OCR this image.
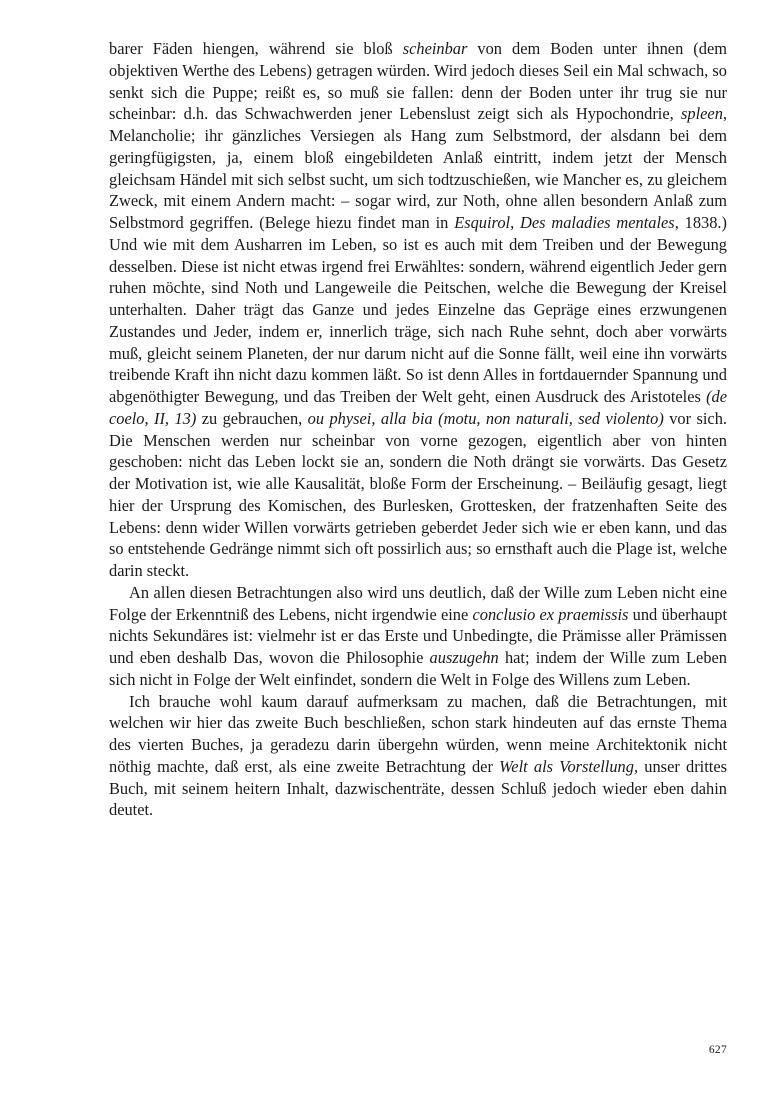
barer Fäden hiengen, während sie bloß scheinbar von dem Boden unter ihnen (dem objektiven Werthe des Lebens) getragen würden. Wird jedoch dieses Seil ein Mal schwach, so senkt sich die Puppe; reißt es, so muß sie fallen: denn der Boden unter ihr trug sie nur scheinbar: d.h. das Schwachwerden jener Lebenslust zeigt sich als Hypochondrie, spleen, Melancholie; ihr gänzliches Versiegen als Hang zum Selbstmord, der alsdann bei dem geringfügigsten, ja, einem bloß eingebildeten Anlaß eintritt, indem jetzt der Mensch gleichsam Händel mit sich selbst sucht, um sich todtzuschießen, wie Mancher es, zu gleichem Zweck, mit einem Andern macht: – sogar wird, zur Noth, ohne allen besondern Anlaß zum Selbstmord gegriffen. (Belege hiezu findet man in Esquirol, Des maladies mentales, 1838.) Und wie mit dem Ausharren im Leben, so ist es auch mit dem Treiben und der Bewegung desselben. Diese ist nicht etwas irgend frei Erwähltes: sondern, während eigentlich Jeder gern ruhen möchte, sind Noth und Langeweile die Peitschen, welche die Bewegung der Kreisel unterhalten. Daher trägt das Ganze und jedes Einzelne das Gepräge eines erzwungenen Zustandes und Jeder, indem er, innerlich träge, sich nach Ruhe sehnt, doch aber vorwärts muß, gleicht seinem Planeten, der nur darum nicht auf die Sonne fällt, weil eine ihn vorwärts treibende Kraft ihn nicht dazu kommen läßt. So ist denn Alles in fortdauernder Spannung und abgenöthigter Bewegung, und das Treiben der Welt geht, einen Ausdruck des Aristoteles (de coelo, II, 13) zu gebrauchen, ou physei, alla bia (motu, non naturali, sed violento) vor sich. Die Menschen werden nur scheinbar von vorne gezogen, eigentlich aber von hinten geschoben: nicht das Leben lockt sie an, sondern die Noth drängt sie vorwärts. Das Gesetz der Motivation ist, wie alle Kausalität, bloße Form der Erscheinung. – Beiläufig gesagt, liegt hier der Ursprung des Komischen, des Burlesken, Grottesken, der fratzenhaften Seite des Lebens: denn wider Willen vorwärts getrieben geberdet Jeder sich wie er eben kann, und das so entstehende Gedränge nimmt sich oft possirlich aus; so ernsthaft auch die Plage ist, welche darin steckt.

An allen diesen Betrachtungen also wird uns deutlich, daß der Wille zum Leben nicht eine Folge der Erkenntniß des Lebens, nicht irgendwie eine conclusio ex praemissis und überhaupt nichts Sekundäres ist: vielmehr ist er das Erste und Unbedingte, die Prämisse aller Prämissen und eben deshalb Das, wovon die Philosophie auszugehn hat; indem der Wille zum Leben sich nicht in Folge der Welt einfindet, sondern die Welt in Folge des Willens zum Leben.

Ich brauche wohl kaum darauf aufmerksam zu machen, daß die Betrachtungen, mit welchen wir hier das zweite Buch beschließen, schon stark hindeuten auf das ernste Thema des vierten Buches, ja geradezu darin übergehn würden, wenn meine Architektonik nicht nöthig machte, daß erst, als eine zweite Betrachtung der Welt als Vorstellung, unser drittes Buch, mit seinem heitern Inhalt, dazwischenträte, dessen Schluß jedoch wieder eben dahin deutet.

627
